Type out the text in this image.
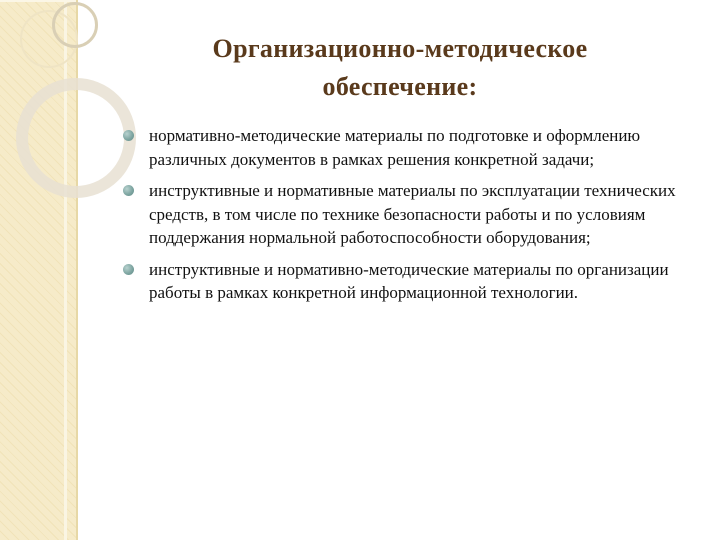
Организационно-методическое
обеспечение:
нормативно-методические материалы по подготовке и оформлению различных документов в рамках решения конкретной задачи;
инструктивные и нормативные материалы по эксплуатации технических средств, в том числе по технике безопасности работы и по условиям поддержания нормальной работоспособности оборудования;
инструктивные и нормативно-методические материалы по организации работы в рамках конкретной информационной технологии.
